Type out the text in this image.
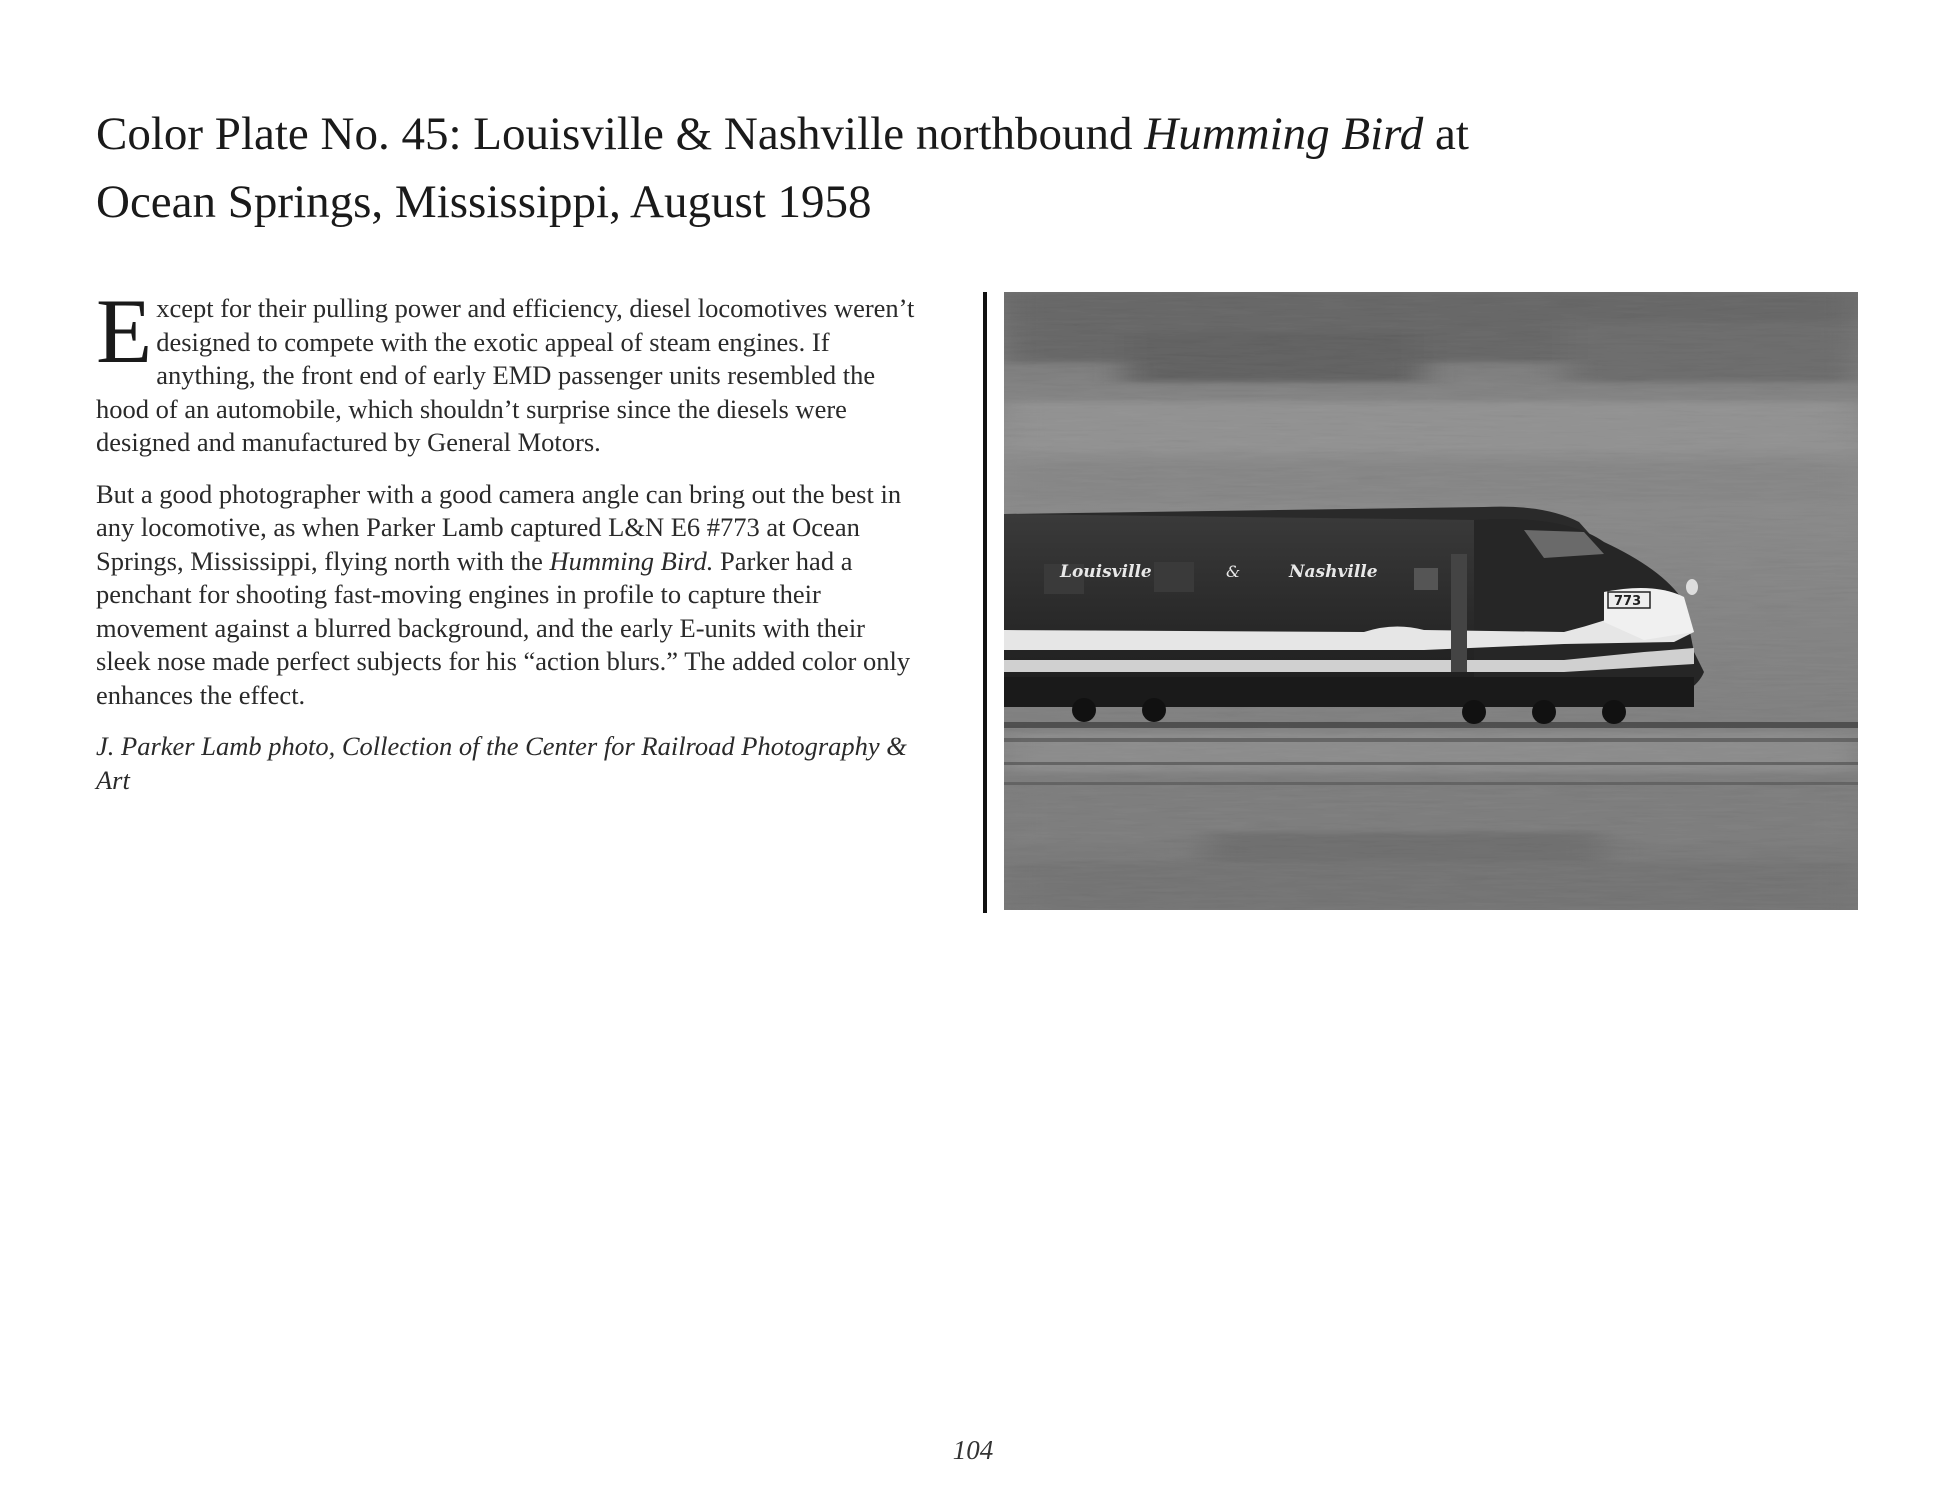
Color Plate No. 45: Louisville & Nashville northbound Humming Bird at
Ocean Springs, Mississippi, August 1958

Except for their pulling power and efficiency, diesel locomotives weren’t designed to compete with the exotic appeal of steam engines. If anything, the front end of early EMD passenger units resembled the hood of an automobile, which shouldn’t surprise since the diesels were designed and manufactured by General Motors.

But a good photographer with a good camera angle can bring out the best in any locomotive, as when Parker Lamb captured L&N E6 #773 at Ocean Springs, Mississippi, flying north with the Humming Bird. Parker had a penchant for shooting fast-moving engines in profile to capture their movement against a blurred background, and the early E-units with their sleek nose made perfect subjects for his “action blurs.” The added color only enhances the effect.

J. Parker Lamb photo, Collection of the Center for Railroad Photography & Art

Louisville	&	Nashville
773
104
